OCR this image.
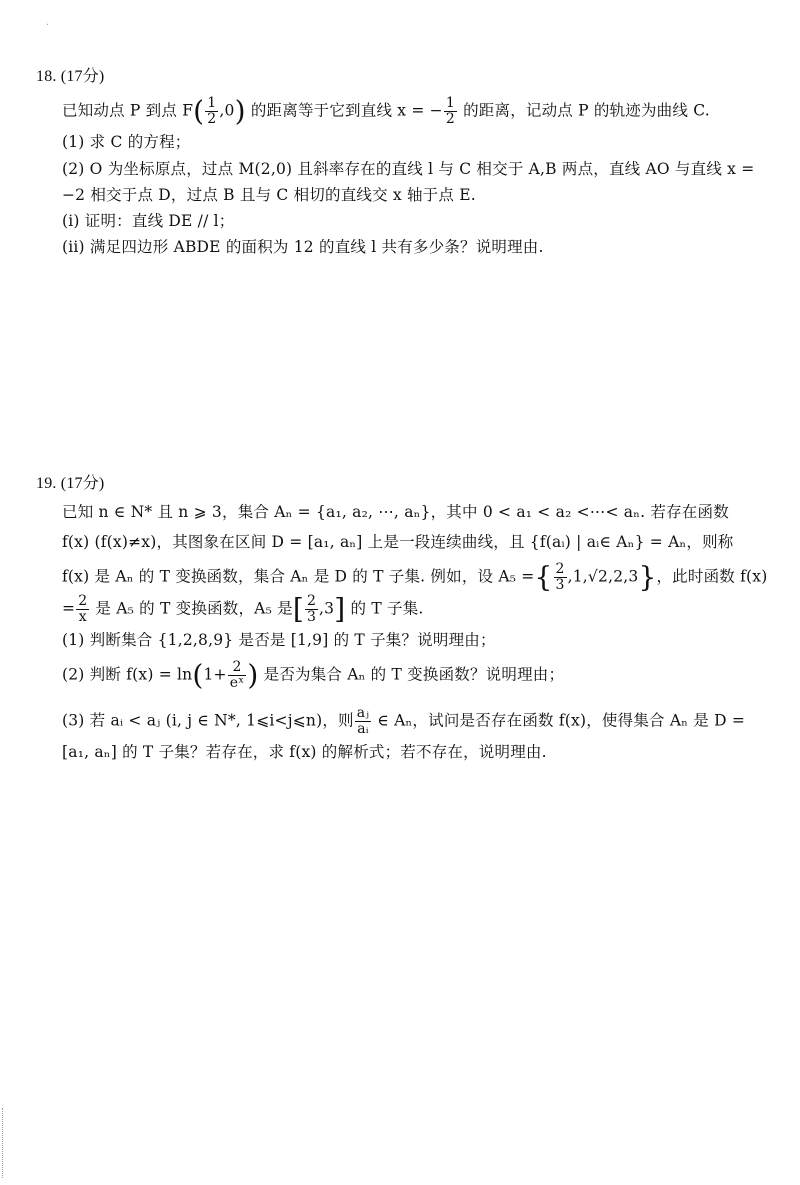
·
18. (17分)
已知动点 P 到点 $F( \frac{1}{2} ,0)$ 的距离等于它到直线 x = − $\frac{1}{2}$ 的距离，记动点 P 的轨迹为曲线 C.
(1) 求 C 的方程；
(2) O 为坐标原点，过点 M(2,0) 且斜率存在的直线 l 与 C 相交于 A,B 两点，直线 AO 与直线 x =
−2 相交于点 D，过点 B 且与 C 相切的直线交 x 轴于点 E.
(i) 证明：直线 DE // l；
(ii) 满足四边形 ABDE 的面积为 12 的直线 l 共有多少条？说明理由.
19. (17分)
已知 n ∈ N* 且 n ⩾ 3，集合 Aₙ = {a₁, a₂, ⋯, aₙ}，其中 0 < a₁ < a₂ <⋯< aₙ. 若存在函数
f(x) (f(x)≠x)，其图象在区间 D = [a₁, aₙ] 上是一段连续曲线，且 {f(aᵢ) | aᵢ∈ Aₙ} = Aₙ，则称
f(x) 是 Aₙ 的 T 变换函数，集合 Aₙ 是 D 的 T 子集. 例如，设 A₅ ={ $\frac{2}{3} ,1,√2,2,3$}，此时函数 f(x)
= $\frac{2}{x}$ 是 A₅ 的 T 变换函数，A₅ 是[ $\frac{2}{3} ,3$] 的 T 子集.
(1) 判断集合 {1,2,8,9} 是否是 [1,9] 的 T 子集？说明理由；
(2) 判断 $f(x) = \ln(1+ \frac{2}{\text{eˣ}}$ ) 是否为集合 Aₙ 的 T 变换函数？说明理由；
(3) 若 aᵢ < aⱼ (i, j ∈ N*, 1⩽i<j⩽n)，则 $\frac{\text{aⱼ}}{\text{aᵢ}}$ ∈ Aₙ，试问是否存在函数 f(x)，使得集合 Aₙ 是 D =
[a₁, aₙ] 的 T 子集？若存在，求 f(x) 的解析式；若不存在，说明理由.
